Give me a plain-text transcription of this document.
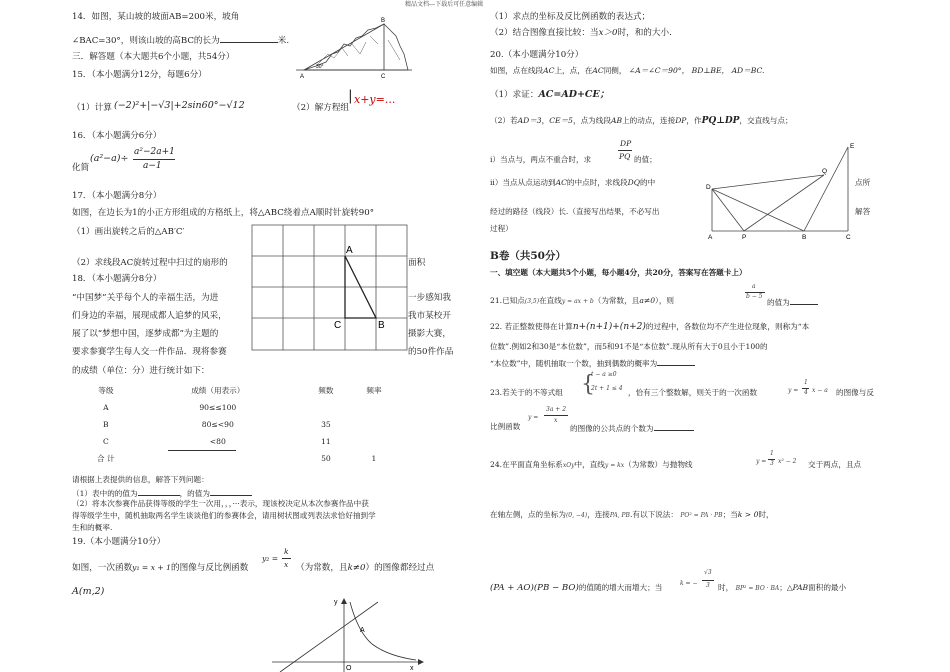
精品文档---下载后可任意编辑
14．如图，某山坡的坡面AB=200米，坡角
∠BAC=30°，则该山坡的高BC的长为	米.
B
A	C
30°
三．解答题（本大题共6个小题，共54分）
15．（本小题满分12分，每题6分）
（1）计算 (−2)²+|−√3|+2sin60°−√12	（2）解方程组
| x+y=...
16．（本小题满分6分）
(a²−a)÷
a²−2a+1
a−1
化简
17．（本小题满分8分）
如图，在边长为1的小正方形组成的方格纸上，将△ABC绕着点A顺时针旋转90°
（1）画出旋转之后的△AB′C′
（2）求线段AC旋转过程中扫过的扇形的	面积
A
B
C
18．（本小题满分8分）
“中国梦”关乎每个人的幸福生活，为进	一步感知我
们身边的幸福，展现成都人追梦的风采，	我市某校开
展了以“梦想中国，逐梦成都”为主题的	摄影大赛，
要求参赛学生每人交一件作品．现将参赛	的50件作品
的成绩（单位：分）进行统计如下：
等级	成绩（用表示）	频数	频率
A	90≤≤100		
B	80≤<90	35	
C	<80	11	
合 计		50	1
请根据上表提供的信息，解答下列问题：
（1）表中的的值为	，的值为
（2）将本次参赛作品获得等级的学生一次用，，，···表示，现该校决定从本次参赛作品中获
得等级学生中，随机抽取两名学生谈谈他们的参赛体会，请用树状图或列表法求恰好抽到学
生和的概率.
19.（本小题满分10分）
如图，一次函数y₁ = x + 1的图像与反比例函数
y₂ =
k
x （为常数，且k≠0）的图像都经过点
A(m,2)
y
x
O
A
（1）求点的坐标及反比例函数的表达式；
（2）结合图像直接比较：当x＞0时，和的大小.
20.（本小题满分10分）
如图，点在线段AC上，点，在AC同侧， ∠A＝∠C＝90°， BD⊥BE， AD＝BC.
（1）求证：AC=AD+CE；
（2）若AD＝3，CE＝5，点为线段AB上的动点，连接DP，作PQ⊥DP，交直线与点；
i）当点与，两点不重合时，求
DP
PQ 的值；
ii）当点从点运动到AC的中点时，求线段DQ的中	点所
经过的路径（线段）长.（直接写出结果，不必写出	解答
过程）
D
A	P	B	C
Q
E
B卷（共50分）
一、填空题（本大题共5个小题，每小题4分，共20分，答案写在答题卡上）
21.已知点(3,5)在直线y = ax + b（为常数，且a≠0），则
a
b − 5
的值为
22. 若正整数使得在计算n+(n+1)+(n+2)的过程中，各数位均不产生进位现象，则称为“本
位数”.例如2和30是“本位数”，而5和91不是“本位数”.现从所有大于0且小于100的
“本位数”中，随机抽取一个数，抽到偶数的概率为
23.若关于的不等式组 {
t − a ≥0
2t + 1 ≤ 4 ，恰有三个整数解，则关于的一次函数	y =
1
4 x − a 的图像与反
比例函数
y =
3a + 2
x
的图像的公共点的个数为
24.在平面直角坐标系xOy中，直线y = kx（为常数）与抛物线	y =
1
3 x² − 2 交于两点，且点
在轴左侧，点的坐标为(0, −4)，连接PA, PB.有以下说法： PO² = PA · PB；当k > 0时，
(PA + AO)(PB − BO)的值随的增大而增大；当	k = −
√3
3 时， BP² = BO · BA；△PAB面积的最小
